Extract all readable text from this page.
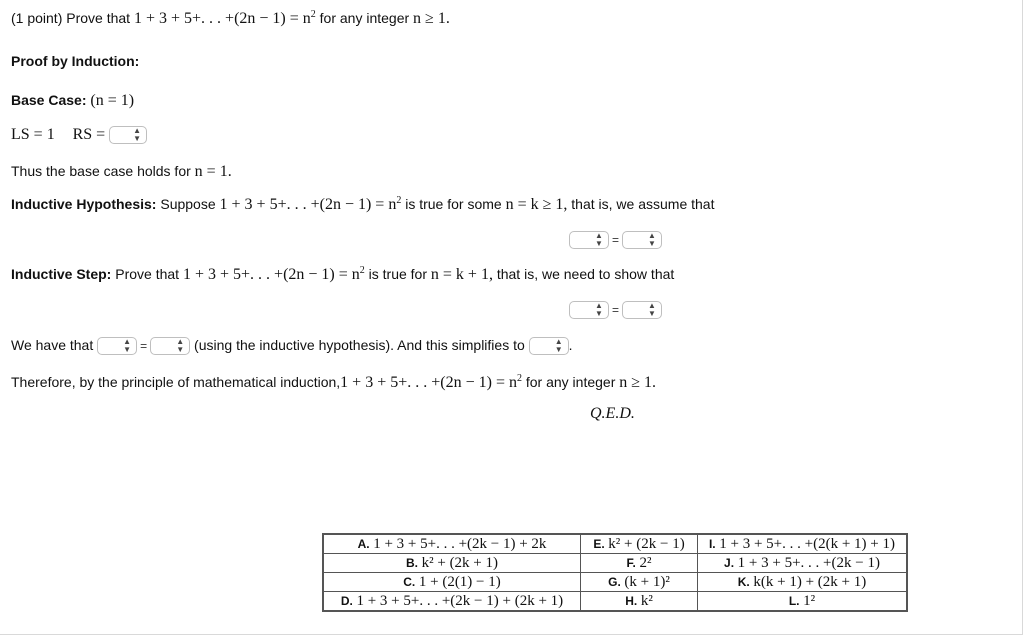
(1 point) Prove that 1 + 3 + 5+. . . $+(2n - 1) = n^2$ for any integer n ≥ 1.
Proof by Induction:
Base Case: (n = 1)
LS = 1 RS =	▲
▼
Thus the base case holds for n = 1.
Inductive Hypothesis: Suppose 1 + 3 + 5+. . . $+(2n - 1) = n^2$ is true for some n = k ≥ 1, that is, we assume that
▲
▼ =	▲
▼
Inductive Step: Prove that 1 + 3 + 5+. . . $+(2n - 1) = n^2$ is true for n = k + 1, that is, we need to show that
▲
▼ =	▲
▼
We have that	▲
▼ =	▲
▼ (using the inductive hypothesis). And this simplifies to	▲
▼ .
Therefore, by the principle of mathematical induction,1 + 3 + 5+. . . $+(2n - 1) = n^2$ for any integer n ≥ 1.
Q.E.D.
A. 1 + 3 + 5+. . . +(2k − 1) + 2k	E. k² + (2k − 1)	I. 1 + 3 + 5+. . . +(2(k + 1) + 1)
B. k² + (2k + 1)	F. 2²	J. 1 + 3 + 5+. . . +(2k − 1)
C. 1 + (2(1) − 1)	G. (k + 1)²	K. k(k + 1) + (2k + 1)
D. 1 + 3 + 5+. . . +(2k − 1) + (2k + 1)	H. k²	L. 1²
